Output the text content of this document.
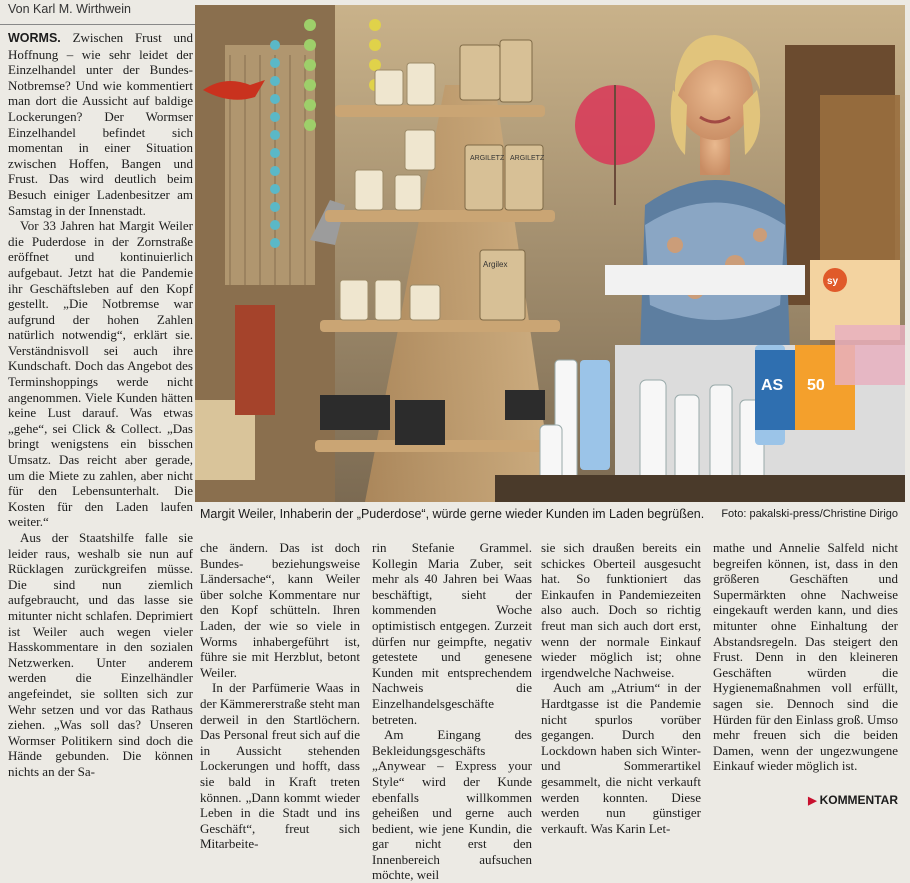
Von Karl M. Wirthwein

WORMS. Zwischen Frust und Hoffnung – wie sehr leidet der Einzelhandel unter der Bundes-Notbremse? Und wie kommentiert man dort die Aussicht auf baldige Lockerungen? Der Wormser Einzelhandel befindet sich momentan in einer Situation zwischen Hoffen, Bangen und Frust. Das wird deutlich beim Besuch einiger Ladenbesitzer am Samstag in der Innenstadt.

Vor 33 Jahren hat Margit Weiler die Puderdose in der Zornstraße eröffnet und kontinuierlich aufgebaut. Jetzt hat die Pandemie ihr Geschäftsleben auf den Kopf gestellt. „Die Notbremse war aufgrund der hohen Zahlen natürlich notwendig“, erklärt sie. Verständnisvoll sei auch ihre Kundschaft. Doch das Angebot des Terminshoppings werde nicht angenommen. Viele Kunden hätten keine Lust darauf. Was etwas „gehe“, sei Click & Collect. „Das bringt wenigstens ein bisschen Umsatz. Das reicht aber gerade, um die Miete zu zahlen, aber nicht für den Lebensunterhalt. Die Kosten für den Laden laufen weiter.“

Aus der Staatshilfe falle sie leider raus, weshalb sie nun auf Rücklagen zurückgreifen müsse. Die sind nun ziemlich aufgebraucht, und das lasse sie mitunter nicht schlafen. Deprimiert ist Weiler auch wegen vieler Hasskommentare in den sozialen Netzwerken. Unter anderem werden die Einzelhändler angefeindet, sie sollten sich zur Wehr setzen und vor das Rathaus ziehen. „Was soll das? Unseren Wormser Politikern sind doch die Hände gebunden. Die können nichts an der Sa-

ARGILETZ ARGILETZ
Argilex
AS 50
sy
Margit Weiler, Inhaberin der „Puderdose“, würde gerne wieder Kunden im Laden begrüßen. Foto: pakalski-press/Christine Dirigo

che ändern. Das ist doch Bundes- beziehungsweise Ländersache“, kann Weiler über solche Kommentare nur den Kopf schütteln. Ihren Laden, der wie so viele in Worms inhabergeführt ist, führe sie mit Herzblut, betont Weiler.

In der Parfümerie Waas in der Kämmererstraße steht man derweil in den Startlöchern. Das Personal freut sich auf die in Aussicht stehenden Lockerungen und hofft, dass sie bald in Kraft treten können. „Dann kommt wieder Leben in die Stadt und ins Geschäft“, freut sich Mitarbeite-

rin Stefanie Grammel. Kollegin Maria Zuber, seit mehr als 40 Jahren bei Waas beschäftigt, sieht der kommenden Woche optimistisch entgegen. Zurzeit dürfen nur geimpfte, negativ getestete und genesene Kunden mit entsprechendem Nachweis die Einzelhandelsgeschäfte betreten.

Am Eingang des Bekleidungsgeschäfts „Anywear – Express your Style“ wird der Kunde ebenfalls willkommen geheißen und gerne auch bedient, wie jene Kundin, die gar nicht erst den Innenbereich aufsuchen möchte, weil

sie sich draußen bereits ein schickes Oberteil ausgesucht hat. So funktioniert das Einkaufen in Pandemiezeiten also auch. Doch so richtig freut man sich auch dort erst, wenn der normale Einkauf wieder möglich ist; ohne irgendwelche Nachweise.

Auch am „Atrium“ in der Hardtgasse ist die Pandemie nicht spurlos vorüber gegangen. Durch den Lockdown haben sich Winter- und Sommerartikel gesammelt, die nicht verkauft werden konnten. Diese werden nun günstiger verkauft. Was Karin Let-

mathe und Annelie Salfeld nicht begreifen können, ist, dass in den größeren Geschäften und Supermärkten ohne Nachweise eingekauft werden kann, und dies mitunter ohne Einhaltung der Abstandsregeln. Das steigert den Frust. Denn in den kleineren Geschäften würden die Hygienemaßnahmen voll erfüllt, sagen sie. Dennoch sind die Hürden für den Einlass groß. Umso mehr freuen sich die beiden Damen, wenn der ungezwungene Einkauf wieder möglich ist.

▶ KOMMENTAR
